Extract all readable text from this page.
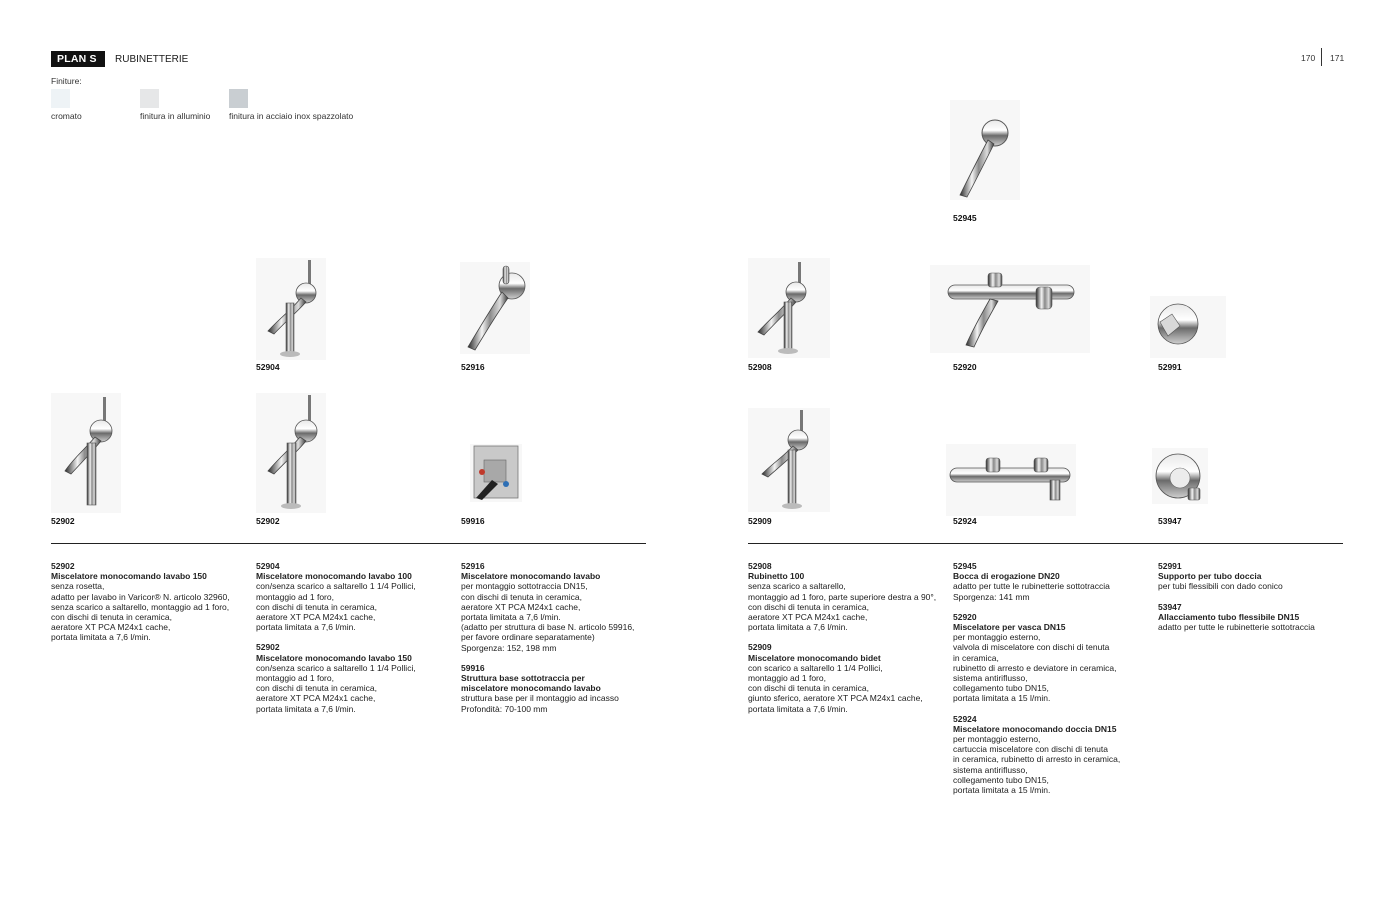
PLAN S	RUBINETTERIE	170 171
Finiture:
cromato	finitura in alluminio finitura in acciaio inox spazzolato
52945
52904	52916	52908	52920	52991
52902	52902	59916	52909	52924	53947
52902
Miscelatore monocomando lavabo 150
senza rosetta,
adatto per lavabo in Varicor® N. articolo 32960,
senza scarico a saltarello, montaggio ad 1 foro,
con dischi di tenuta in ceramica,
aeratore XT PCA M24x1 cache,
portata limitata a 7,6 l/min.
52904
Miscelatore monocomando lavabo 100
con/senza scarico a saltarello 1 1/4 Pollici,
montaggio ad 1 foro,
con dischi di tenuta in ceramica,
aeratore XT PCA M24x1 cache,
portata limitata a 7,6 l/min.
52902
Miscelatore monocomando lavabo 150
con/senza scarico a saltarello 1 1/4 Pollici,
montaggio ad 1 foro,
con dischi di tenuta in ceramica,
aeratore XT PCA M24x1 cache,
portata limitata a 7,6 l/min.
52916
Miscelatore monocomando lavabo
per montaggio sottotraccia DN15,
con dischi di tenuta in ceramica,
aeratore XT PCA M24x1 cache,
portata limitata a 7,6 l/min.
(adatto per struttura di base N. articolo 59916,
per favore ordinare separatamente)
Sporgenza: 152, 198 mm
59916
Struttura base sottotraccia per
miscelatore monocomando lavabo
struttura base per il montaggio ad incasso
Profondità: 70-100 mm
52908
Rubinetto 100
senza scarico a saltarello,
montaggio ad 1 foro, parte superiore destra a 90°,
con dischi di tenuta in ceramica,
aeratore XT PCA M24x1 cache,
portata limitata a 7,6 l/min.
52909
Miscelatore monocomando bidet
con scarico a saltarello 1 1/4 Pollici,
montaggio ad 1 foro,
con dischi di tenuta in ceramica,
giunto sferico, aeratore XT PCA M24x1 cache,
portata limitata a 7,6 l/min.
52945
Bocca di erogazione DN20
adatto per tutte le rubinetterie sottotraccia
Sporgenza: 141 mm
52920
Miscelatore per vasca DN15
per montaggio esterno,
valvola di miscelatore con dischi di tenuta
in ceramica,
rubinetto di arresto e deviatore in ceramica,
sistema antiriflusso,
collegamento tubo DN15,
portata limitata a 15 l/min.
52924
Miscelatore monocomando doccia DN15
per montaggio esterno,
cartuccia miscelatore con dischi di tenuta
in ceramica, rubinetto di arresto in ceramica,
sistema antiriflusso,
collegamento tubo DN15,
portata limitata a 15 l/min.
52991
Supporto per tubo doccia
per tubi flessibili con dado conico
53947
Allacciamento tubo flessibile DN15
adatto per tutte le rubinetterie sottotraccia
